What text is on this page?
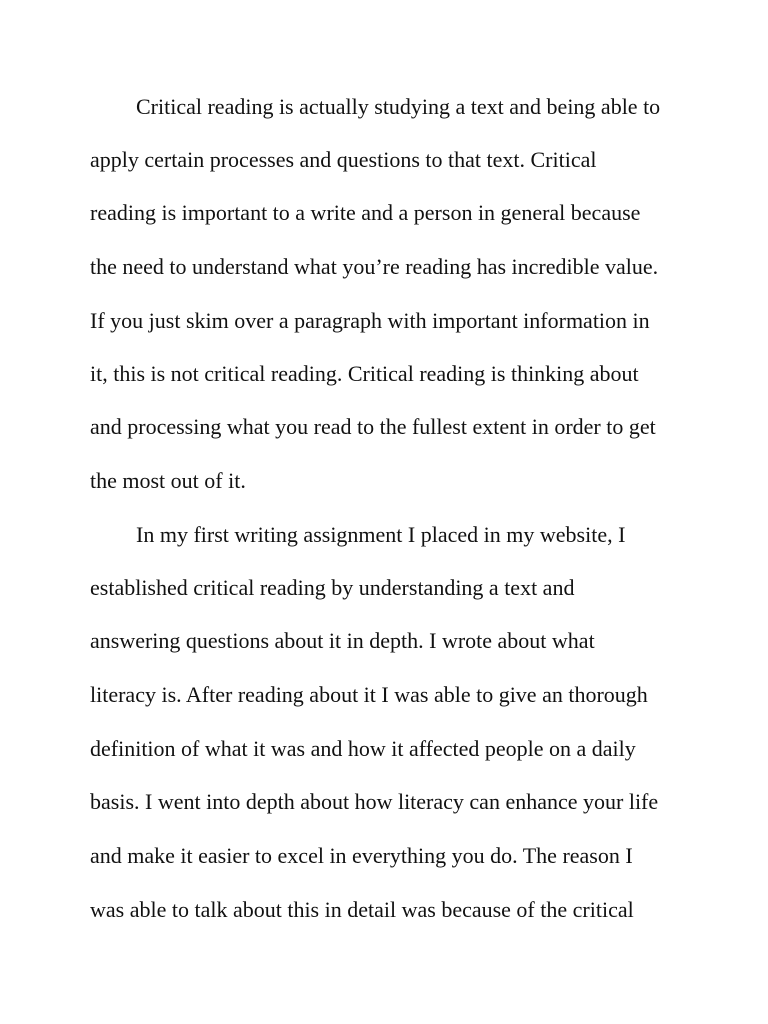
Critical reading is actually studying a text and being able to

apply certain processes and questions to that text. Critical

reading is important to a write and a person in general because

the need to understand what you’re reading has incredible value.

If you just skim over a paragraph with important information in

it, this is not critical reading. Critical reading is thinking about

and processing what you read to the fullest extent in order to get

the most out of it.

In my first writing assignment I placed in my website, I

established critical reading by understanding a text and

answering questions about it in depth. I wrote about what

literacy is. After reading about it I was able to give an thorough

definition of what it was and how it affected people on a daily

basis. I went into depth about how literacy can enhance your life

and make it easier to excel in everything you do. The reason I

was able to talk about this in detail was because of the critical
